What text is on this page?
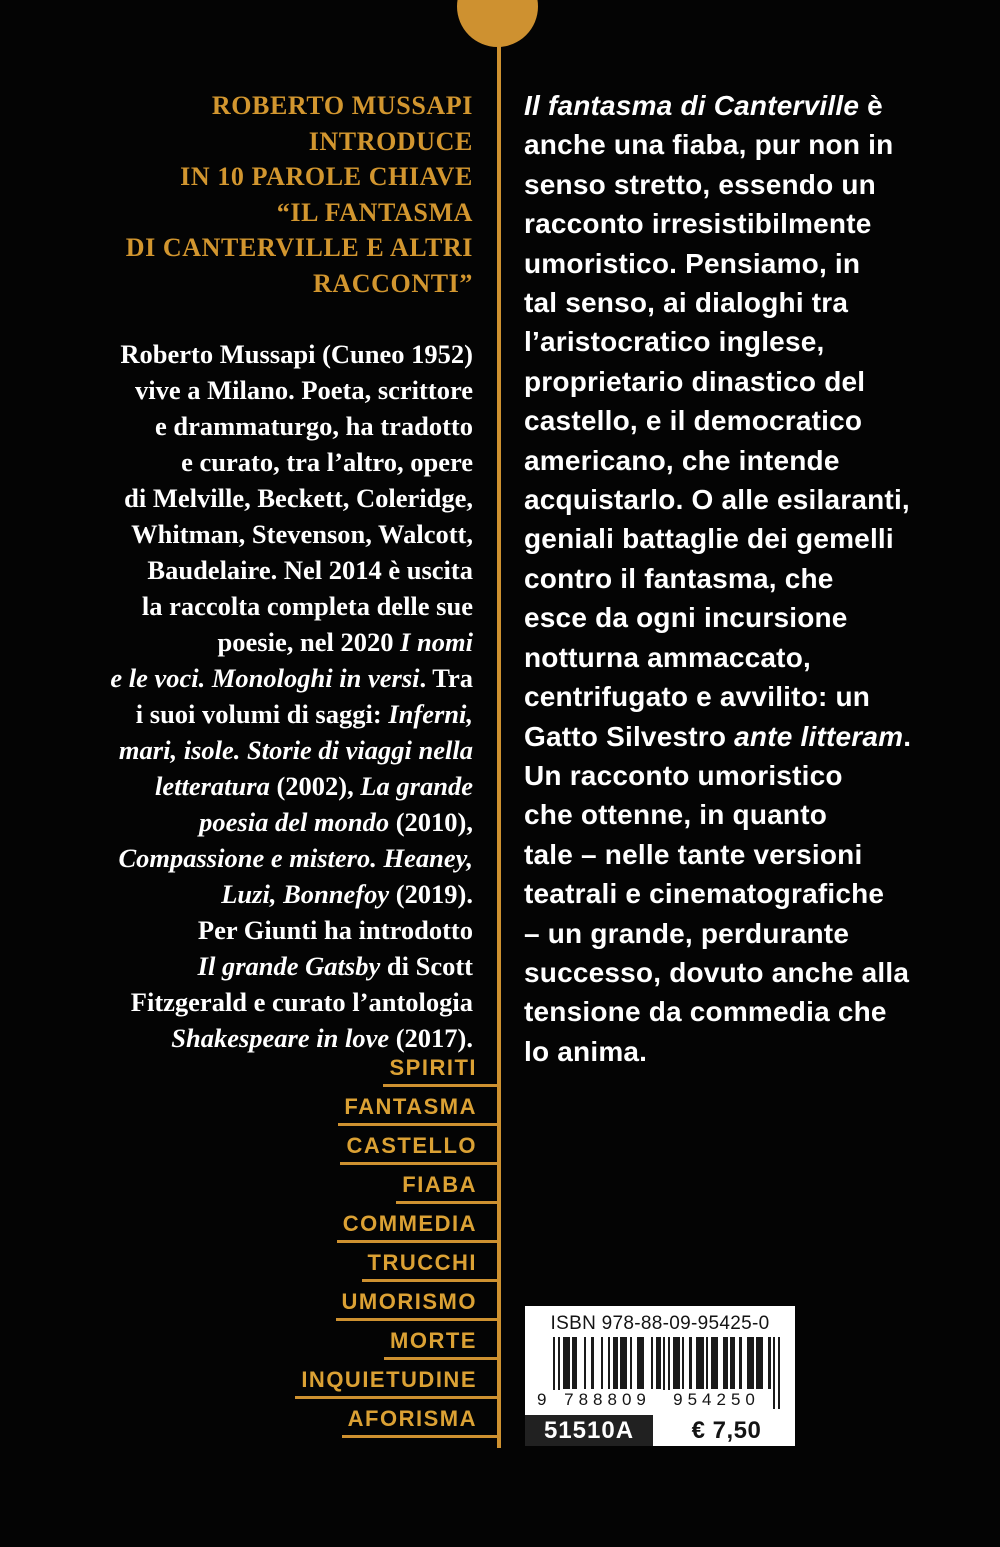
ROBERTO MUSSAPI
INTRODUCE
IN 10 PAROLE CHIAVE
“IL FANTASMA
DI CANTERVILLE E ALTRI
RACCONTI”
Roberto Mussapi (Cuneo 1952)
vive a Milano. Poeta, scrittore
e drammaturgo, ha tradotto
e curato, tra l’altro, opere
di Melville, Beckett, Coleridge,
Whitman, Stevenson, Walcott,
Baudelaire. Nel 2014 è uscita
la raccolta completa delle sue
poesie, nel 2020 I nomi
e le voci. Monologhi in versi. Tra
i suoi volumi di saggi: Inferni,
mari, isole. Storie di viaggi nella
letteratura (2002), La grande
poesia del mondo (2010),
Compassione e mistero. Heaney,
Luzi, Bonnefoy (2019).
Per Giunti ha introdotto
Il grande Gatsby di Scott
Fitzgerald e curato l’antologia
Shakespeare in love (2017).
Il fantasma di Canterville è
anche una fiaba, pur non in
senso stretto, essendo un
racconto irresistibilmente
umoristico. Pensiamo, in
tal senso, ai dialoghi tra
l’aristocratico inglese,
proprietario dinastico del
castello, e il democratico
americano, che intende
acquistarlo. O alle esilaranti,
geniali battaglie dei gemelli
contro il fantasma, che
esce da ogni incursione
notturna ammaccato,
centrifugato e avvilito: un
Gatto Silvestro ante litteram.
Un racconto umoristico
che ottenne, in quanto
tale – nelle tante versioni
teatrali e cinematografiche
– un grande, perdurante
successo, dovuto anche alla
tensione da commedia che
lo anima.
SPIRITI
FANTASMA
CASTELLO
FIABA
COMMEDIA
TRUCCHI
UMORISMO
MORTE
INQUIETUDINE
AFORISMA
ISBN 978-88-09-95425-0
9	788809	954250
51510A	€ 7,50
